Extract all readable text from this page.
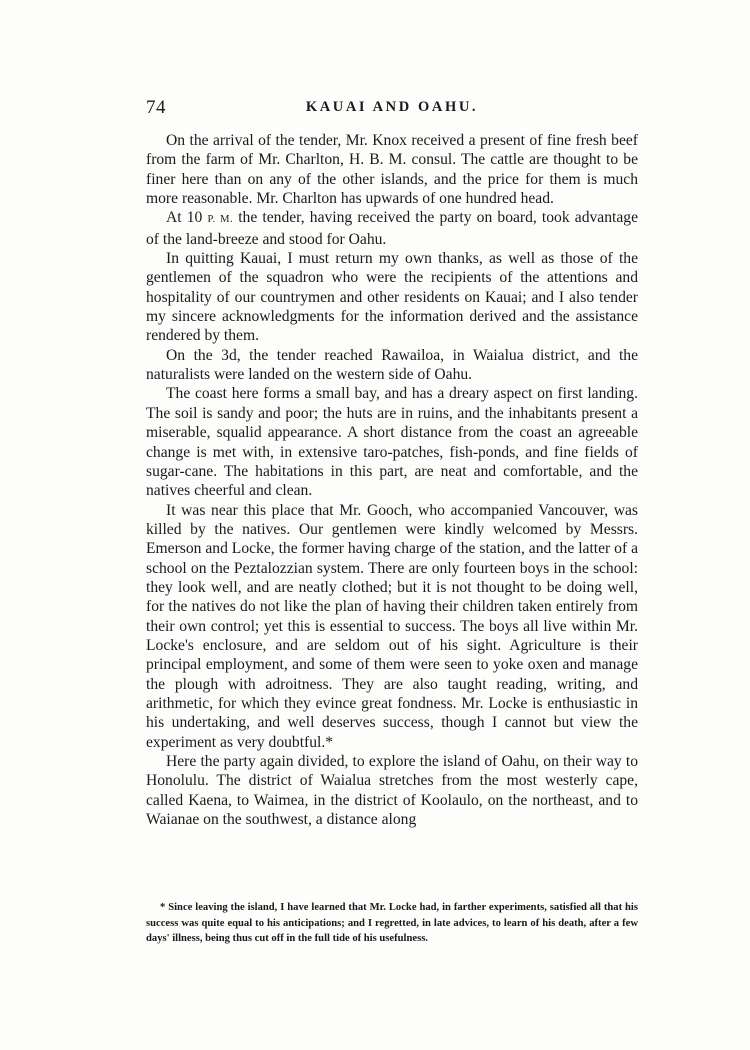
74	KAUAI AND OAHU.

On the arrival of the tender, Mr. Knox received a present of fine fresh beef from the farm of Mr. Charlton, H. B. M. consul. The cattle are thought to be finer here than on any of the other islands, and the price for them is much more reasonable. Mr. Charlton has upwards of one hundred head.

At 10 P. M. the tender, having received the party on board, took advantage of the land-breeze and stood for Oahu.

In quitting Kauai, I must return my own thanks, as well as those of the gentlemen of the squadron who were the recipients of the attentions and hospitality of our countrymen and other residents on Kauai; and I also tender my sincere acknowledgments for the information derived and the assistance rendered by them.

On the 3d, the tender reached Rawailoa, in Waialua district, and the naturalists were landed on the western side of Oahu.

The coast here forms a small bay, and has a dreary aspect on first landing. The soil is sandy and poor; the huts are in ruins, and the inhabitants present a miserable, squalid appearance. A short distance from the coast an agreeable change is met with, in extensive taro-patches, fish-ponds, and fine fields of sugar-cane. The habitations in this part, are neat and comfortable, and the natives cheerful and clean.

It was near this place that Mr. Gooch, who accompanied Vancouver, was killed by the natives. Our gentlemen were kindly welcomed by Messrs. Emerson and Locke, the former having charge of the station, and the latter of a school on the Peztalozzian system. There are only fourteen boys in the school: they look well, and are neatly clothed; but it is not thought to be doing well, for the natives do not like the plan of having their children taken entirely from their own control; yet this is essential to success. The boys all live within Mr. Locke's enclosure, and are seldom out of his sight. Agriculture is their principal employment, and some of them were seen to yoke oxen and manage the plough with adroitness. They are also taught reading, writing, and arithmetic, for which they evince great fondness. Mr. Locke is enthusiastic in his undertaking, and well deserves success, though I cannot but view the experiment as very doubtful.*

Here the party again divided, to explore the island of Oahu, on their way to Honolulu. The district of Waialua stretches from the most westerly cape, called Kaena, to Waimea, in the district of Koolaulo, on the northeast, and to Waianae on the southwest, a distance along

* Since leaving the island, I have learned that Mr. Locke had, in farther experiments, satisfied all that his success was quite equal to his anticipations; and I regretted, in late advices, to learn of his death, after a few days' illness, being thus cut off in the full tide of his usefulness.
